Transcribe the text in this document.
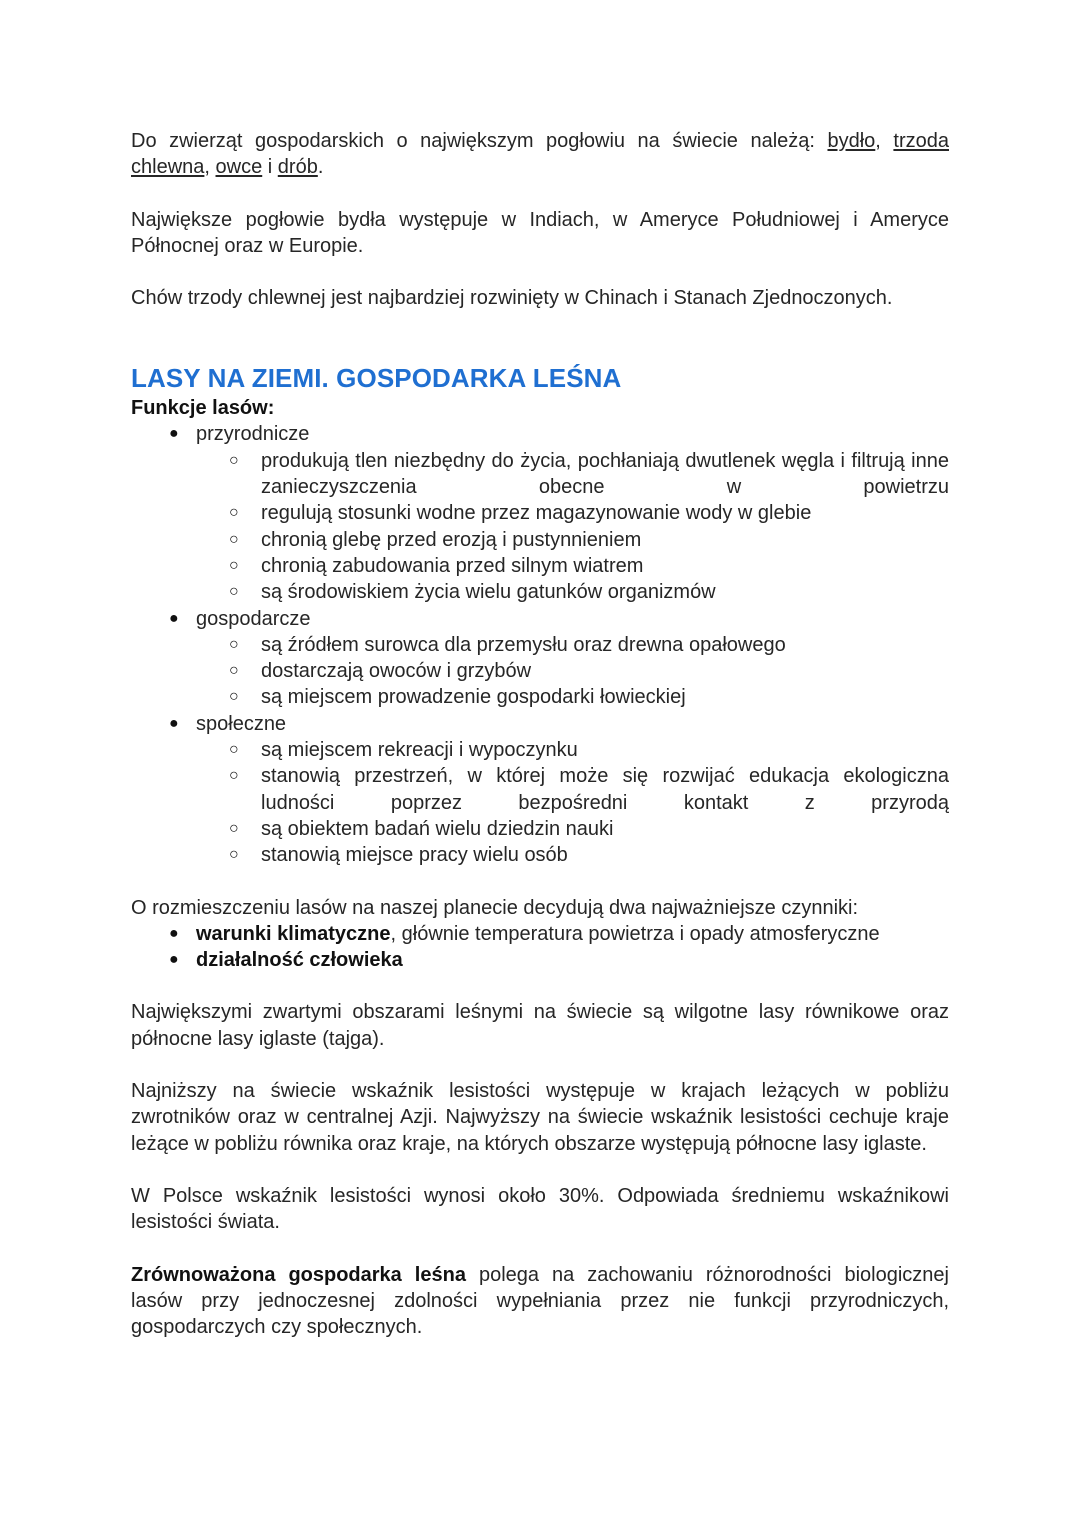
Do zwierząt gospodarskich o największym pogłowiu na świecie należą: bydło, trzoda chlewna, owce i drób.

Największe pogłowie bydła występuje w Indiach, w Ameryce Południowej i Ameryce Północnej oraz w Europie.

Chów trzody chlewnej jest najbardziej rozwinięty w Chinach i Stanach Zjednoczonych.

LASY NA ZIEMI. GOSPODARKA LEŚNA

Funkcje lasów:

● przyrodnicze
○ produkują tlen niezbędny do życia, pochłaniają dwutlenek węgla i filtrują inne zanieczyszczenia obecne w powietrzu
○ regulują stosunki wodne przez magazynowanie wody w glebie
○ chronią glebę przed erozją i pustynnieniem
○ chronią zabudowania przed silnym wiatrem
○ są środowiskiem życia wielu gatunków organizmów
● gospodarcze
○ są źródłem surowca dla przemysłu oraz drewna opałowego
○ dostarczają owoców i grzybów
○ są miejscem prowadzenie gospodarki łowieckiej
● społeczne
○ są miejscem rekreacji i wypoczynku
○ stanowią przestrzeń, w której może się rozwijać edukacja ekologiczna ludności poprzez bezpośredni kontakt z przyrodą
○ są obiektem badań wielu dziedzin nauki
○ stanowią miejsce pracy wielu osób

O rozmieszczeniu lasów na naszej planecie decydują dwa najważniejsze czynniki:

● warunki klimatyczne, głównie temperatura powietrza i opady atmosferyczne
● działalność człowieka

Największymi zwartymi obszarami leśnymi na świecie są wilgotne lasy równikowe oraz północne lasy iglaste (tajga).

Najniższy na świecie wskaźnik lesistości występuje w krajach leżących w pobliżu zwrotników oraz w centralnej Azji. Najwyższy na świecie wskaźnik lesistości cechuje kraje leżące w pobliżu równika oraz kraje, na których obszarze występują północne lasy iglaste.

W Polsce wskaźnik lesistości wynosi około 30%. Odpowiada średniemu wskaźnikowi lesistości świata.

Zrównoważona gospodarka leśna polega na zachowaniu różnorodności biologicznej lasów przy jednoczesnej zdolności wypełniania przez nie funkcji przyrodniczych, gospodarczych czy społecznych.
